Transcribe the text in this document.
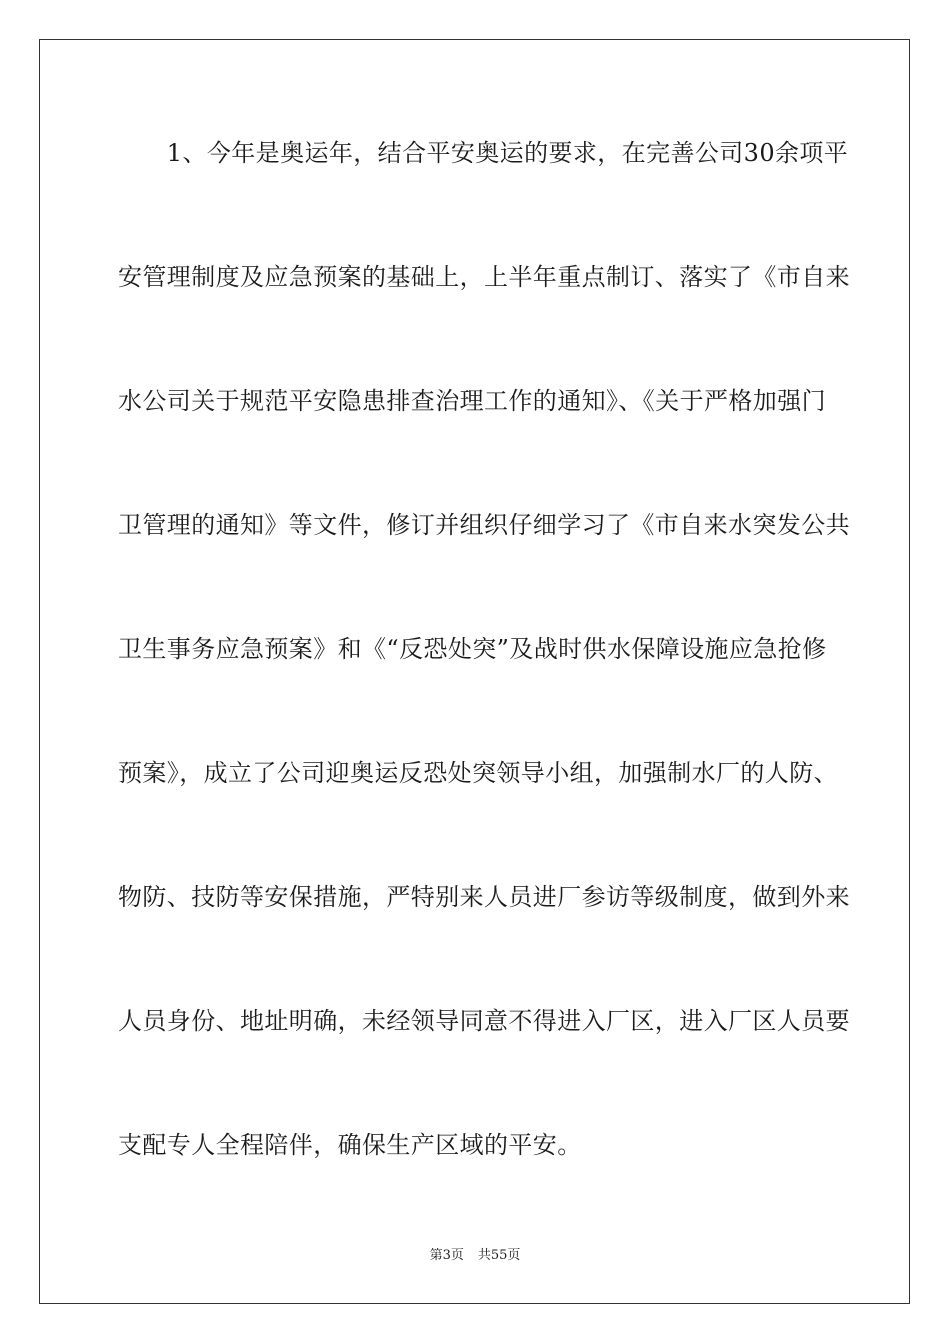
　　1、今年是奥运年，结合平安奥运的要求，在完善公司30余项平
安管理制度及应急预案的基础上，上半年重点制订、落实了《市自来
水公司关于规范平安隐患排查治理工作的通知》、《关于严格加强门
卫管理的通知》等文件，修订并组织仔细学习了《市自来水突发公共
卫生事务应急预案》和《“反恐处突”及战时供水保障设施应急抢修
预案》，成立了公司迎奥运反恐处突领导小组，加强制水厂的人防、
物防、技防等安保措施，严特别来人员进厂参访等级制度，做到外来
人员身份、地址明确，未经领导同意不得进入厂区，进入厂区人员要
支配专人全程陪伴，确保生产区域的平安。
第3页 共55页
